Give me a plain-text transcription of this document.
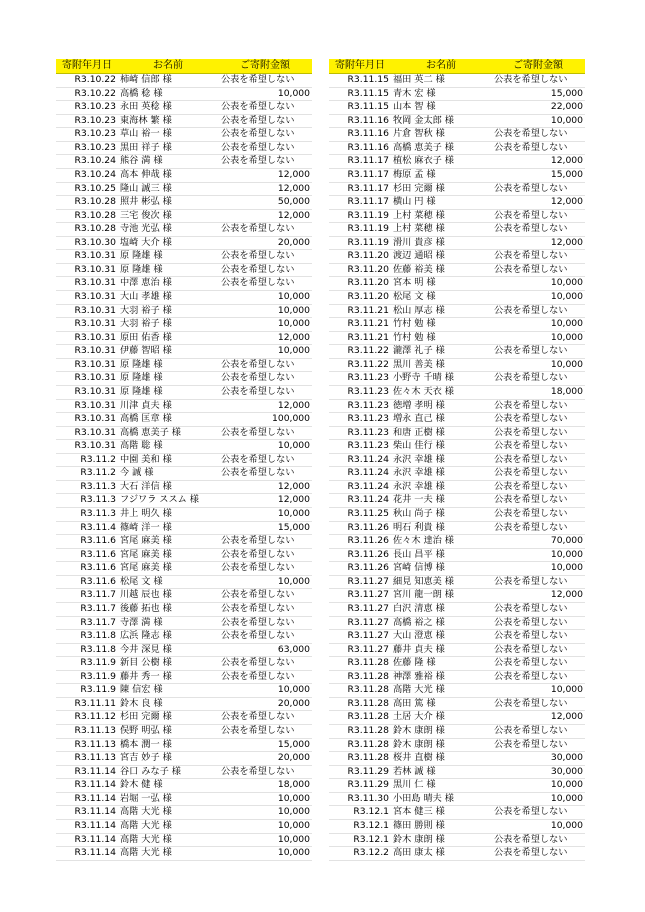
寄附年月日	お名前	ご寄附金額
R3.10.22	柿崎 信郎 様	公表を希望しない
R3.10.22	高橋 稔 様	10,000
R3.10.23	永田 英稔 様	公表を希望しない
R3.10.23	東海林 繁 様	公表を希望しない
R3.10.23	草山 裕一 様	公表を希望しない
R3.10.23	黒田 祥子 様	公表を希望しない
R3.10.24	熊谷 満 様	公表を希望しない
R3.10.24	高本 伸哉 様	12,000
R3.10.25	隆山 誠三 様	12,000
R3.10.28	照井 彬弘 様	50,000
R3.10.28	三宅 俊次 様	12,000
R3.10.28	寺池 光弘 様	公表を希望しない
R3.10.30	塩崎 大介 様	20,000
R3.10.31	原 隆雄 様	公表を希望しない
R3.10.31	原 隆雄 様	公表を希望しない
R3.10.31	中澤 恵治 様	公表を希望しない
R3.10.31	大山 孝雄 様	10,000
R3.10.31	大羽 裕子 様	10,000
R3.10.31	大羽 裕子 様	10,000
R3.10.31	原田 佑香 様	12,000
R3.10.31	伊藤 智昭 様	10,000
R3.10.31	原 隆雄 様	公表を希望しない
R3.10.31	原 隆雄 様	公表を希望しない
R3.10.31	原 隆雄 様	公表を希望しない
R3.10.31	川津 貞夫 様	12,000
R3.10.31	高橋 匡章 様	100,000
R3.10.31	高橋 恵美子 様	公表を希望しない
R3.10.31	高階 聡 様	10,000
R3.11.2	中園 美和 様	公表を希望しない
R3.11.2	今 誠 様	公表を希望しない
R3.11.3	大石 洋信 様	12,000
R3.11.3	フジワラ ススム 様	12,000
R3.11.3	井上 明久 様	10,000
R3.11.4	篠崎 洋一 様	15,000
R3.11.6	宮尾 麻美 様	公表を希望しない
R3.11.6	宮尾 麻美 様	公表を希望しない
R3.11.6	宮尾 麻美 様	公表を希望しない
R3.11.6	松尾 文 様	10,000
R3.11.7	川越 辰也 様	公表を希望しない
R3.11.7	後藤 拓也 様	公表を希望しない
R3.11.7	寺澤 満 様	公表を希望しない
R3.11.8	広浜 隆志 様	公表を希望しない
R3.11.8	今井 深見 様	63,000
R3.11.9	新目 公樹 様	公表を希望しない
R3.11.9	藤井 秀一 様	公表を希望しない
R3.11.9	陳 信宏 様	10,000
R3.11.11	鈴木 良 様	20,000
R3.11.12	杉田 完爾 様	公表を希望しない
R3.11.13	俣野 明弘 様	公表を希望しない
R3.11.13	橋本 潤一 様	15,000
R3.11.13	宮吉 妙子 様	20,000
R3.11.14	谷口 みな子 様	公表を希望しない
R3.11.14	鈴木 健 様	18,000
R3.11.14	岩堀 一弘 様	10,000
R3.11.14	高階 大光 様	10,000
R3.11.14	高階 大光 様	10,000
R3.11.14	高階 大光 様	10,000
R3.11.14	高階 大光 様	10,000
寄附年月日	お名前	ご寄附金額
R3.11.15	福田 英二 様	公表を希望しない
R3.11.15	青木 宏 様	15,000
R3.11.15	山本 智 様	22,000
R3.11.16	牧岡 金太郎 様	10,000
R3.11.16	片倉 智秋 様	公表を希望しない
R3.11.16	高橋 恵美子 様	公表を希望しない
R3.11.17	植松 麻衣子 様	12,000
R3.11.17	梅原 孟 様	15,000
R3.11.17	杉田 完爾 様	公表を希望しない
R3.11.17	横山 円 様	12,000
R3.11.19	上村 菜穂 様	公表を希望しない
R3.11.19	上村 菜穂 様	公表を希望しない
R3.11.19	滑川 貴彦 様	12,000
R3.11.20	渡辺 通昭 様	公表を希望しない
R3.11.20	佐藤 裕美 様	公表を希望しない
R3.11.20	宮本 明 様	10,000
R3.11.20	松尾 文 様	10,000
R3.11.21	松山 厚志 様	公表を希望しない
R3.11.21	竹村 勉 様	10,000
R3.11.21	竹村 勉 様	10,000
R3.11.22	瀧澤 礼子 様	公表を希望しない
R3.11.22	黒川 善美 様	10,000
R3.11.23	小野寺 千晴 様	公表を希望しない
R3.11.23	佐々木 天衣 様	18,000
R3.11.23	徳増 孝明 様	公表を希望しない
R3.11.23	増永 直己 様	公表を希望しない
R3.11.23	和唐 正樹 様	公表を希望しない
R3.11.23	柴山 佳行 様	公表を希望しない
R3.11.24	永沢 幸雄 様	公表を希望しない
R3.11.24	永沢 幸雄 様	公表を希望しない
R3.11.24	永沢 幸雄 様	公表を希望しない
R3.11.24	花井 一夫 様	公表を希望しない
R3.11.25	秋山 尚子 様	公表を希望しない
R3.11.26	明石 利貴 様	公表を希望しない
R3.11.26	佐々木 達治 様	70,000
R3.11.26	長山 昌平 様	10,000
R3.11.26	宮崎 信博 様	10,000
R3.11.27	細見 知恵美 様	公表を希望しない
R3.11.27	宮川 龍一朗 様	12,000
R3.11.27	白沢 清恵 様	公表を希望しない
R3.11.27	高橋 裕之 様	公表を希望しない
R3.11.27	大山 澄恵 様	公表を希望しない
R3.11.27	藤井 貞夫 様	公表を希望しない
R3.11.28	佐藤 隆 様	公表を希望しない
R3.11.28	神澤 雅裕 様	公表を希望しない
R3.11.28	高階 大光 様	10,000
R3.11.28	高田 篤 様	公表を希望しない
R3.11.28	土居 大介 様	12,000
R3.11.28	鈴木 康朗 様	公表を希望しない
R3.11.28	鈴木 康朗 様	公表を希望しない
R3.11.28	桜井 直樹 様	30,000
R3.11.29	若林 誠 様	30,000
R3.11.29	黒川 仁 様	10,000
R3.11.30	小田島 晴夫 様	10,000
R3.12.1	宮本 健三 様	公表を希望しない
R3.12.1	篠田 勝則 様	10,000
R3.12.1	鈴木 康朗 様	公表を希望しない
R3.12.2	高田 康太 様	公表を希望しない
